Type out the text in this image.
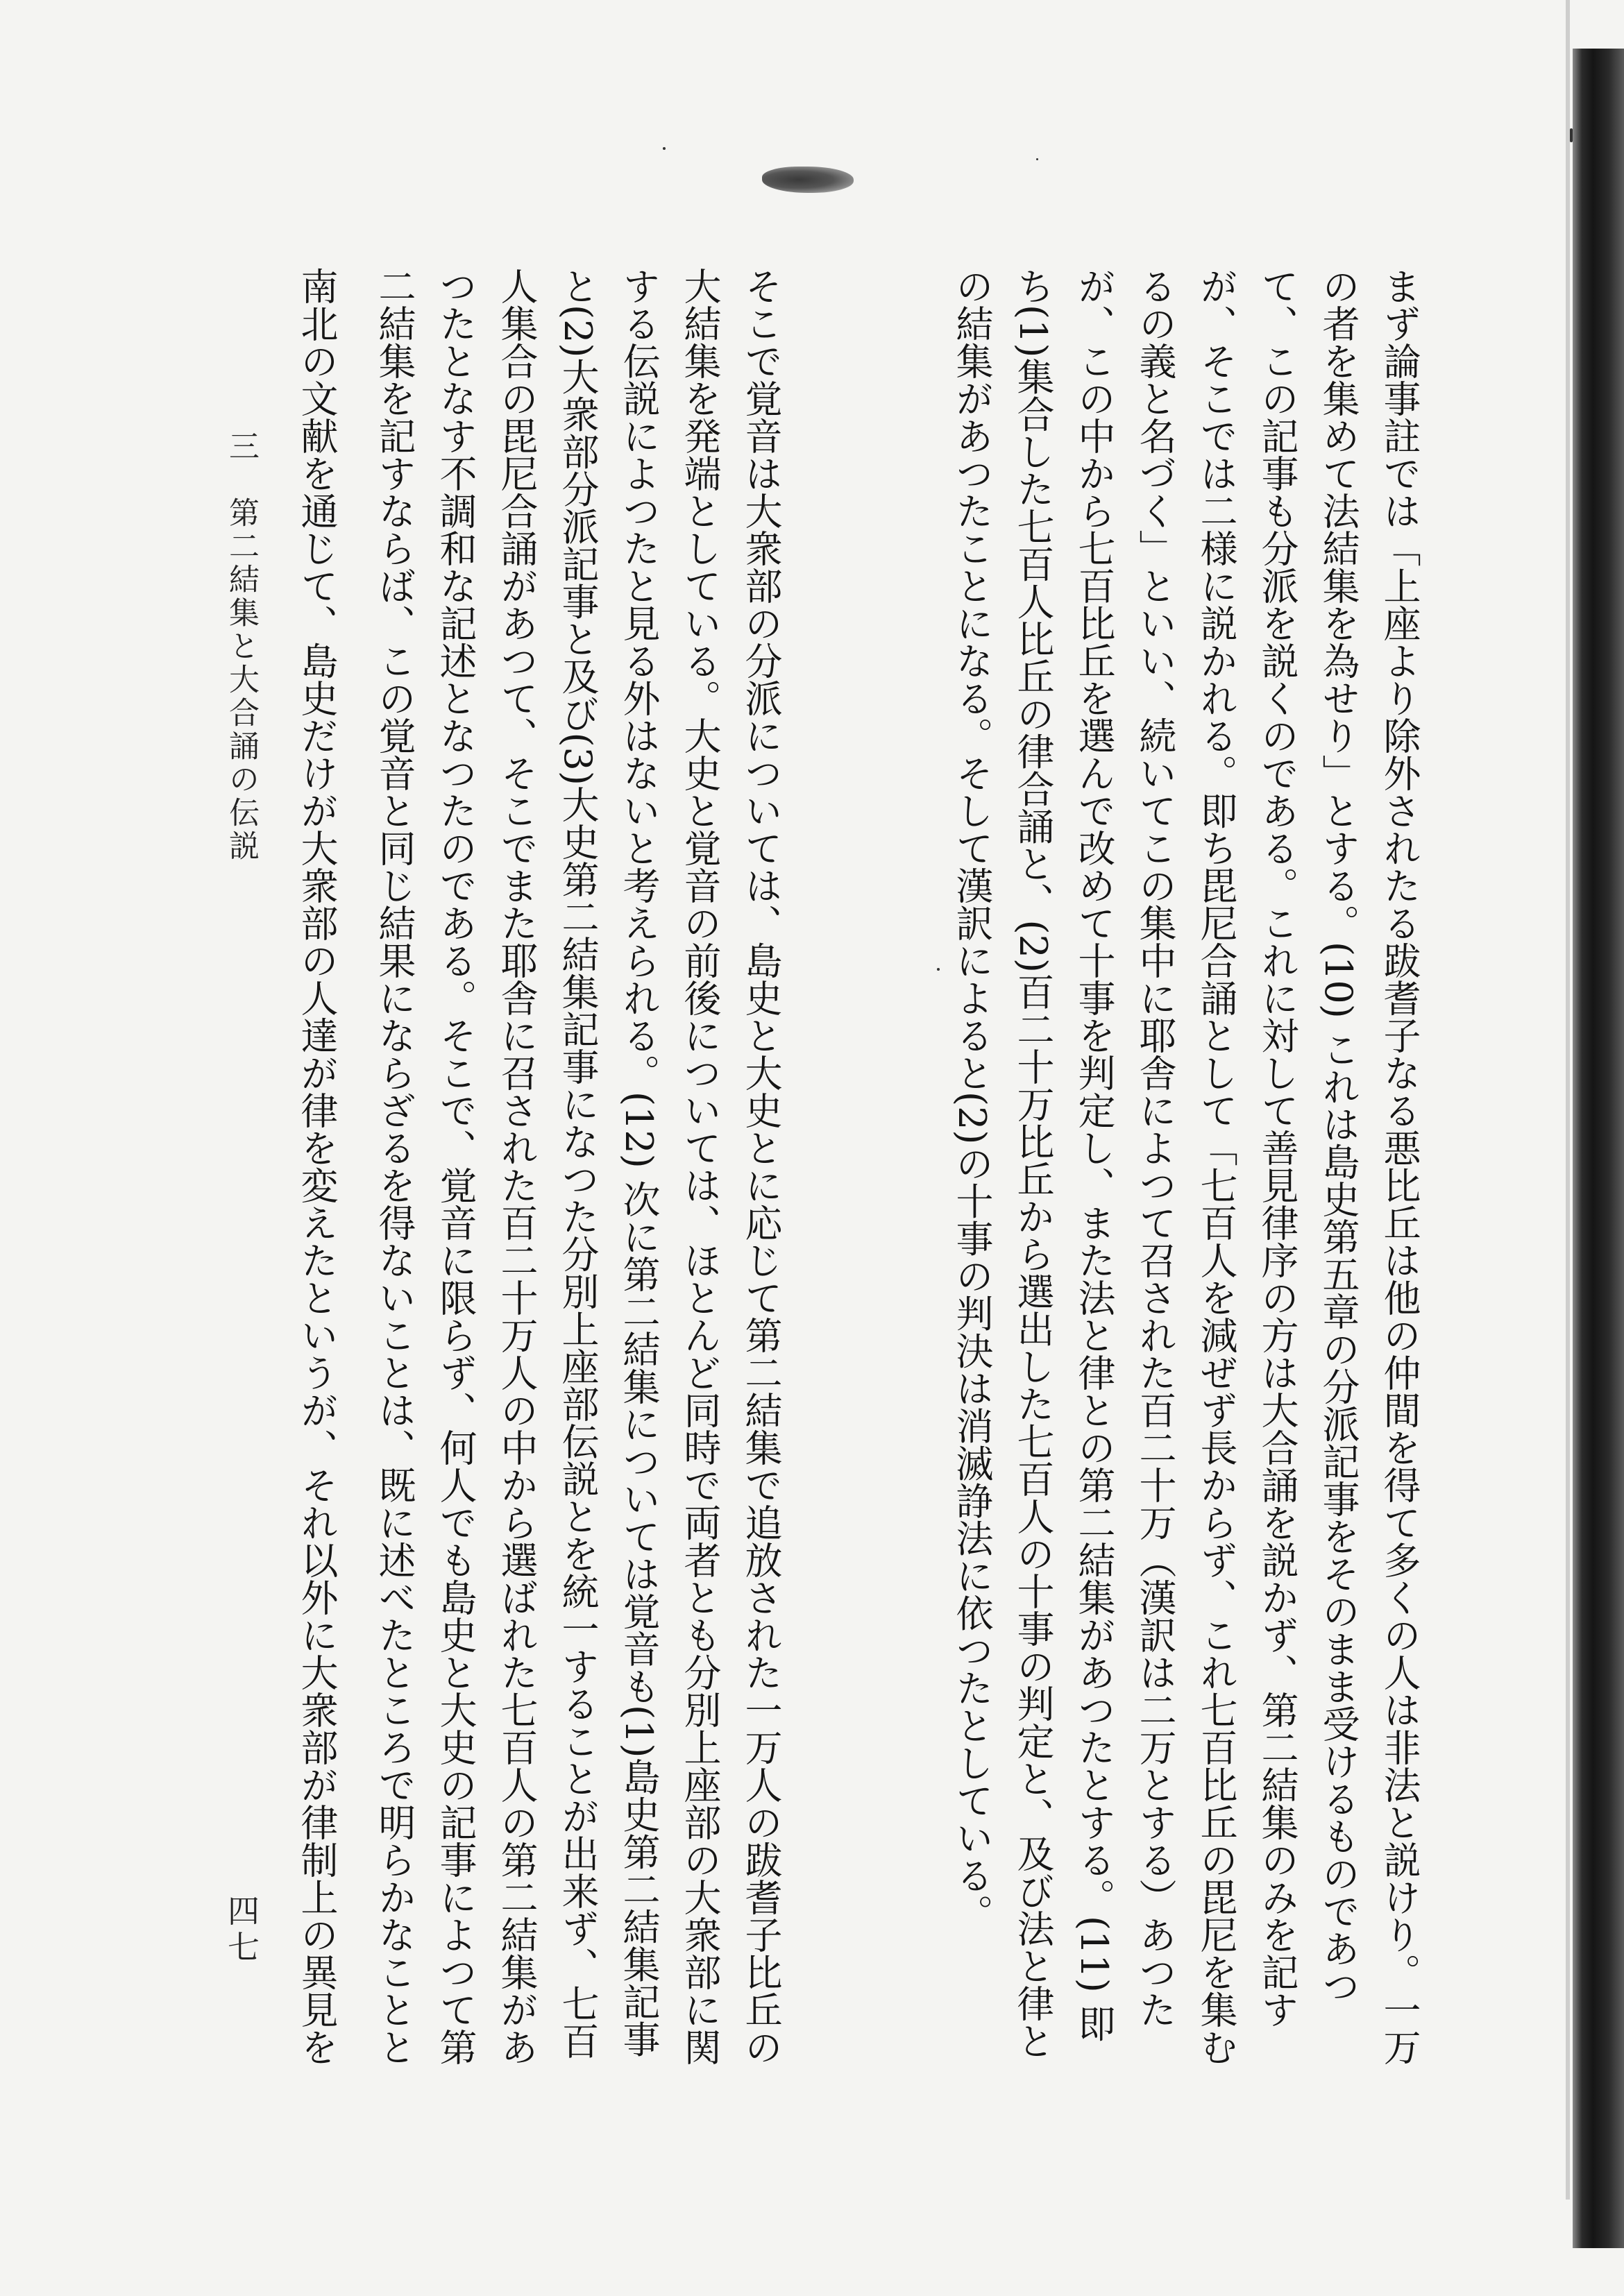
まず論事註では「上座より除外されたる跋耆子なる悪比丘は他の仲間を得て多くの人は非法と説けり。一万の者を集めて法結集を為せり」とする。(10) これは島史第五章の分派記事をそのまま受けるものであつて、この記事も分派を説くのである。これに対して善見律序の方は大合誦を説かず、第二結集のみを記すが、そこでは二様に説かれる。即ち毘尼合誦として「七百人を減ぜず長からず、これ七百比丘の毘尼を集むるの義と名づく」といい、続いてこの集中に耶舎によつて召された百二十万（漢訳は二万とする）あつたが、この中から七百比丘を選んで改めて十事を判定し、また法と律との第二結集があつたとする。(11) 即ち(1)集合した七百人比丘の律合誦と、(2)百二十万比丘から選出した七百人の十事の判定と、及び法と律との結集があつたことになる。そして漢訳によると(2)の十事の判決は消滅諍法に依つたとしている。
そこで覚音は大衆部の分派については、島史と大史とに応じて第二結集で追放された一万人の跋耆子比丘の大結集を発端としている。大史と覚音の前後については、ほとんど同時で両者とも分別上座部の大衆部に関する伝説によつたと見る外はないと考えられる。(12) 次に第二結集については覚音も(1)島史第二結集記事と(2)大衆部分派記事と及び(3)大史第二結集記事になつた分別上座部伝説とを統一することが出来ず、七百人集合の毘尼合誦があつて、そこでまた耶舎に召された百二十万人の中から選ばれた七百人の第二結集があつたとなす不調和な記述となつたのである。そこで、覚音に限らず、何人でも島史と大史の記事によつて第二結集を記すならば、この覚音と同じ結果にならざるを得ないことは、既に述べたところで明らかなことと
南北の文献を通じて、島史だけが大衆部の人達が律を変えたというが、それ以外に大衆部が律制上の異見を
三　第二結集と大合誦の伝説
四七
